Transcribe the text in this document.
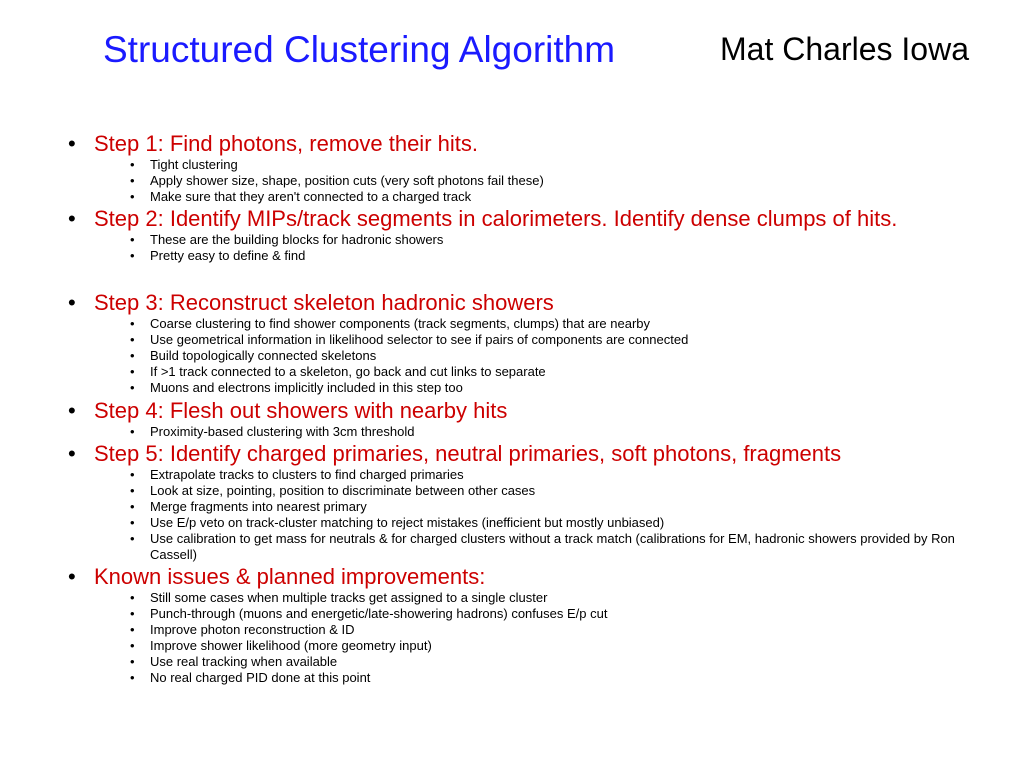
Structured Clustering Algorithm	Mat Charles Iowa
• Step 1: Find photons, remove their hits.
• Tight clustering
• Apply shower size, shape, position cuts (very soft photons fail these)
• Make sure that they aren't connected to a charged track
• Step 2: Identify MIPs/track segments in calorimeters. Identify dense clumps of hits.
• These are the building blocks for hadronic showers
• Pretty easy to define & find
• Step 3: Reconstruct skeleton hadronic showers
• Coarse clustering to find shower components (track segments, clumps) that are nearby
• Use geometrical information in likelihood selector to see if pairs of components are connected
• Build topologically connected skeletons
• If >1 track connected to a skeleton, go back and cut links to separate
• Muons and electrons implicitly included in this step too
• Step 4: Flesh out showers with nearby hits
• Proximity-based clustering with 3cm threshold
• Step 5: Identify charged primaries, neutral primaries, soft photons, fragments
• Extrapolate tracks to clusters to find charged primaries
• Look at size, pointing, position to discriminate between other cases
• Merge fragments into nearest primary
• Use E/p veto on track-cluster matching to reject mistakes (inefficient but mostly unbiased)
• Use calibration to get mass for neutrals & for charged clusters without a track match (calibrations for EM, hadronic showers provided by Ron Cassell)
• Known issues & planned improvements:
• Still some cases when multiple tracks get assigned to a single cluster
• Punch-through (muons and energetic/late-showering hadrons) confuses E/p cut
• Improve photon reconstruction & ID
• Improve shower likelihood (more geometry input)
• Use real tracking when available
• No real charged PID done at this point
